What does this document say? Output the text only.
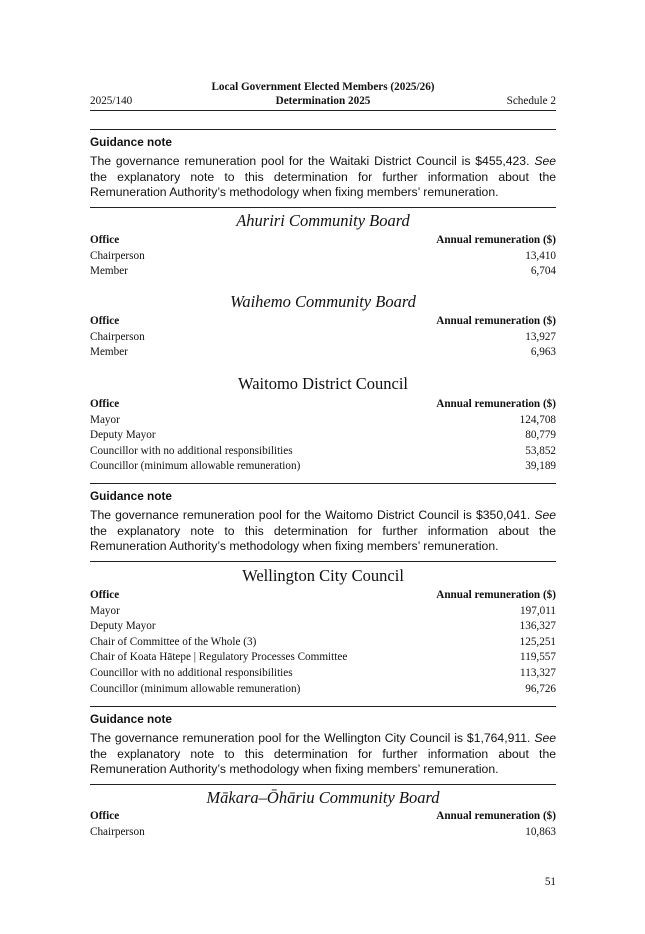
Local Government Elected Members (2025/26)
Determination 2025
2025/140	Schedule 2
Guidance note
The governance remuneration pool for the Waitaki District Council is $455,423. See the explanatory note to this determination for further information about the Remuneration Authority’s methodology when fixing members’ remuneration.
Ahuriri Community Board
Office	Annual remuneration ($)
Chairperson	13,410
Member	6,704
Waihemo Community Board
Office	Annual remuneration ($)
Chairperson	13,927
Member	6,963
Waitomo District Council
Office	Annual remuneration ($)
Mayor	124,708
Deputy Mayor	80,779
Councillor with no additional responsibilities	53,852
Councillor (minimum allowable remuneration)	39,189
Guidance note
The governance remuneration pool for the Waitomo District Council is $350,041. See the explanatory note to this determination for further information about the Remuneration Authority’s methodology when fixing members’ remuneration.
Wellington City Council
Office	Annual remuneration ($)
Mayor	197,011
Deputy Mayor	136,327
Chair of Committee of the Whole (3)	125,251
Chair of Koata Hātepe | Regulatory Processes Committee	119,557
Councillor with no additional responsibilities	113,327
Councillor (minimum allowable remuneration)	96,726
Guidance note
The governance remuneration pool for the Wellington City Council is $1,764,911. See the explanatory note to this determination for further information about the Remuneration Authority’s methodology when fixing members’ remuneration.
Mākara–Ōhāriu Community Board
Office	Annual remuneration ($)
Chairperson	10,863
51
